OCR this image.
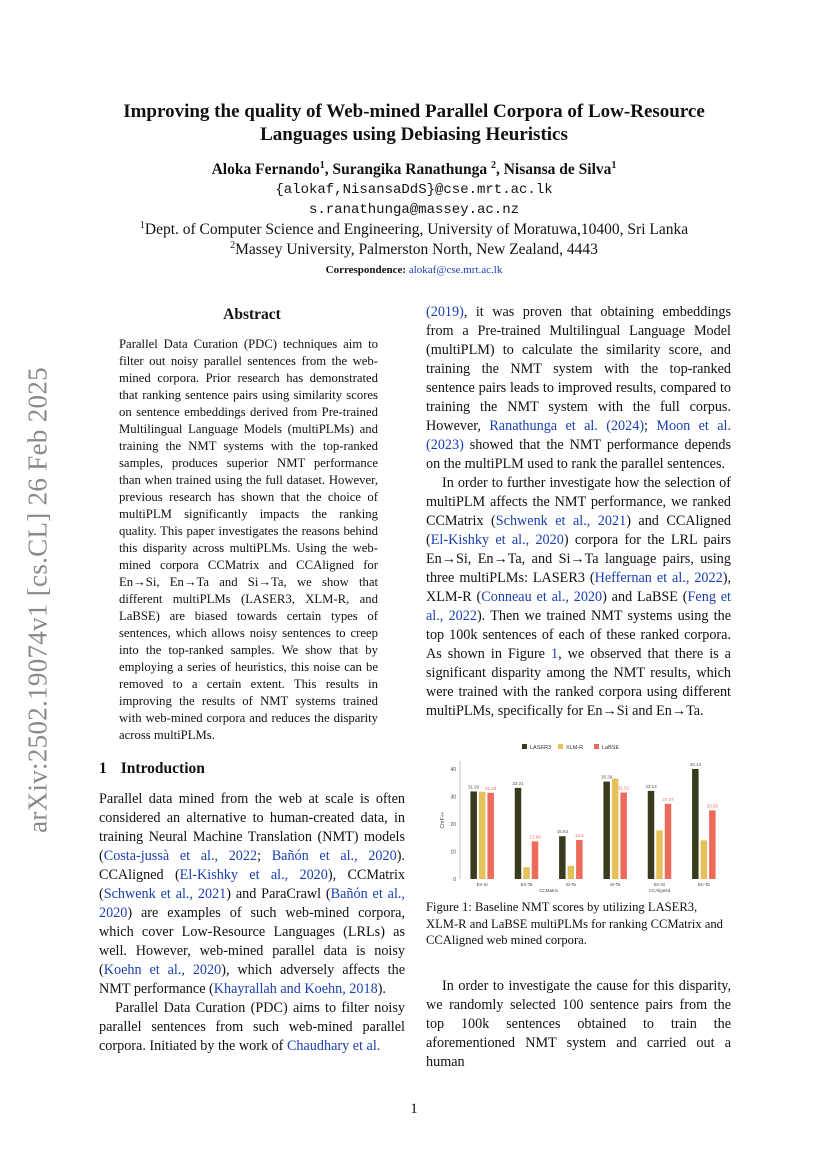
arXiv:2502.19074v1 [cs.CL] 26 Feb 2025
Improving the quality of Web-mined Parallel Corpora of Low-Resource
Languages using Debiasing Heuristics
Aloka Fernando$^1$, Surangika Ranathunga $^2$, Nisansa de Silva$^1$
{alokaf,NisansaDdS}@cse.mrt.ac.lk
s.ranathunga@massey.ac.nz
$^1$Dept. of Computer Science and Engineering, University of Moratuwa,10400, Sri Lanka
$^2$Massey University, Palmerston North, New Zealand, 4443
Correspondence: alokaf@cse.mrt.ac.lk
Abstract

Parallel Data Curation (PDC) techniques aim to filter out noisy parallel sentences from the web-mined corpora. Prior research has demonstrated that ranking sentence pairs using similarity scores on sentence embeddings derived from Pre-trained Multilingual Language Models (multiPLMs) and training the NMT systems with the top-ranked samples, produces superior NMT performance than when trained using the full dataset. However, previous research has shown that the choice of multiPLM significantly impacts the ranking quality. This paper investigates the reasons behind this disparity across multiPLMs. Using the web-mined corpora CCMatrix and CCAligned for En→Si, En→Ta and Si→Ta, we show that different multiPLMs (LASER3, XLM-R, and LaBSE) are biased towards certain types of sentences, which allows noisy sentences to creep into the top-ranked samples. We show that by employing a series of heuristics, this noise can be removed to a certain extent. This results in improving the results of NMT systems trained with web-mined corpora and reduces the disparity across multiPLMs.

1 Introduction

Parallel data mined from the web at scale is often considered an alternative to human-created data, in training Neural Machine Translation (NMT) models (Costa-jussà et al., 2022; Bañón et al., 2020). CCAligned (El-Kishky et al., 2020), CCMatrix (Schwenk et al., 2021) and ParaCrawl (Bañón et al., 2020) are examples of such web-mined corpora, which cover Low-Resource Languages (LRLs) as well. However, web-mined parallel data is noisy (Koehn et al., 2020), which adversely affects the NMT performance (Khayrallah and Koehn, 2018).

Parallel Data Curation (PDC) aims to filter noisy parallel sentences from such web-mined parallel corpora. Initiated by the work of Chaudhary et al.

(2019), it was proven that obtaining embeddings from a Pre-trained Multilingual Language Model (multiPLM) to calculate the similarity score, and training the NMT system with the top-ranked sentence pairs leads to improved results, compared to training the NMT system with the full corpus. However, Ranathunga et al. (2024); Moon et al. (2023) showed that the NMT performance depends on the multiPLM used to rank the parallel sentences.

In order to further investigate how the selection of multiPLM affects the NMT performance, we ranked CCMatrix (Schwenk et al., 2021) and CCAligned (El-Kishky et al., 2020) corpora for the LRL pairs En→Si, En→Ta, and Si→Ta language pairs, using three multiPLMs: LASER3 (Heffernan et al., 2022), XLM-R (Conneau et al., 2020) and LaBSE (Feng et al., 2022). Then we trained NMT systems using the top 100k sentences of each of these ranked corpora. As shown in Figure 1, we observed that there is a significant disparity among the NMT results, which were trained with the ranked corpora using different multiPLMs, specifically for En→Si and En→Ta.

0
10
20
30
40
ChrF++
LASER3	XLM-R	LaBSE
En-Si	En-Ta	Si-Ta	Si-Ta	En-Si	En-Ta
CCMatrix	CCAligned
31.93 31.43
33.21
13.69
15.63
14.2
35.39
31.51	32.13
27.37
40.13
25.03

Figure 1: Baseline NMT scores by utilizing LASER3, XLM-R and LaBSE multiPLMs for ranking CCMatrix and CCAligned web mined corpora.

In order to investigate the cause for this disparity, we randomly selected 100 sentence pairs from the top 100k sentences obtained to train the aforementioned NMT system and carried out a human

1
